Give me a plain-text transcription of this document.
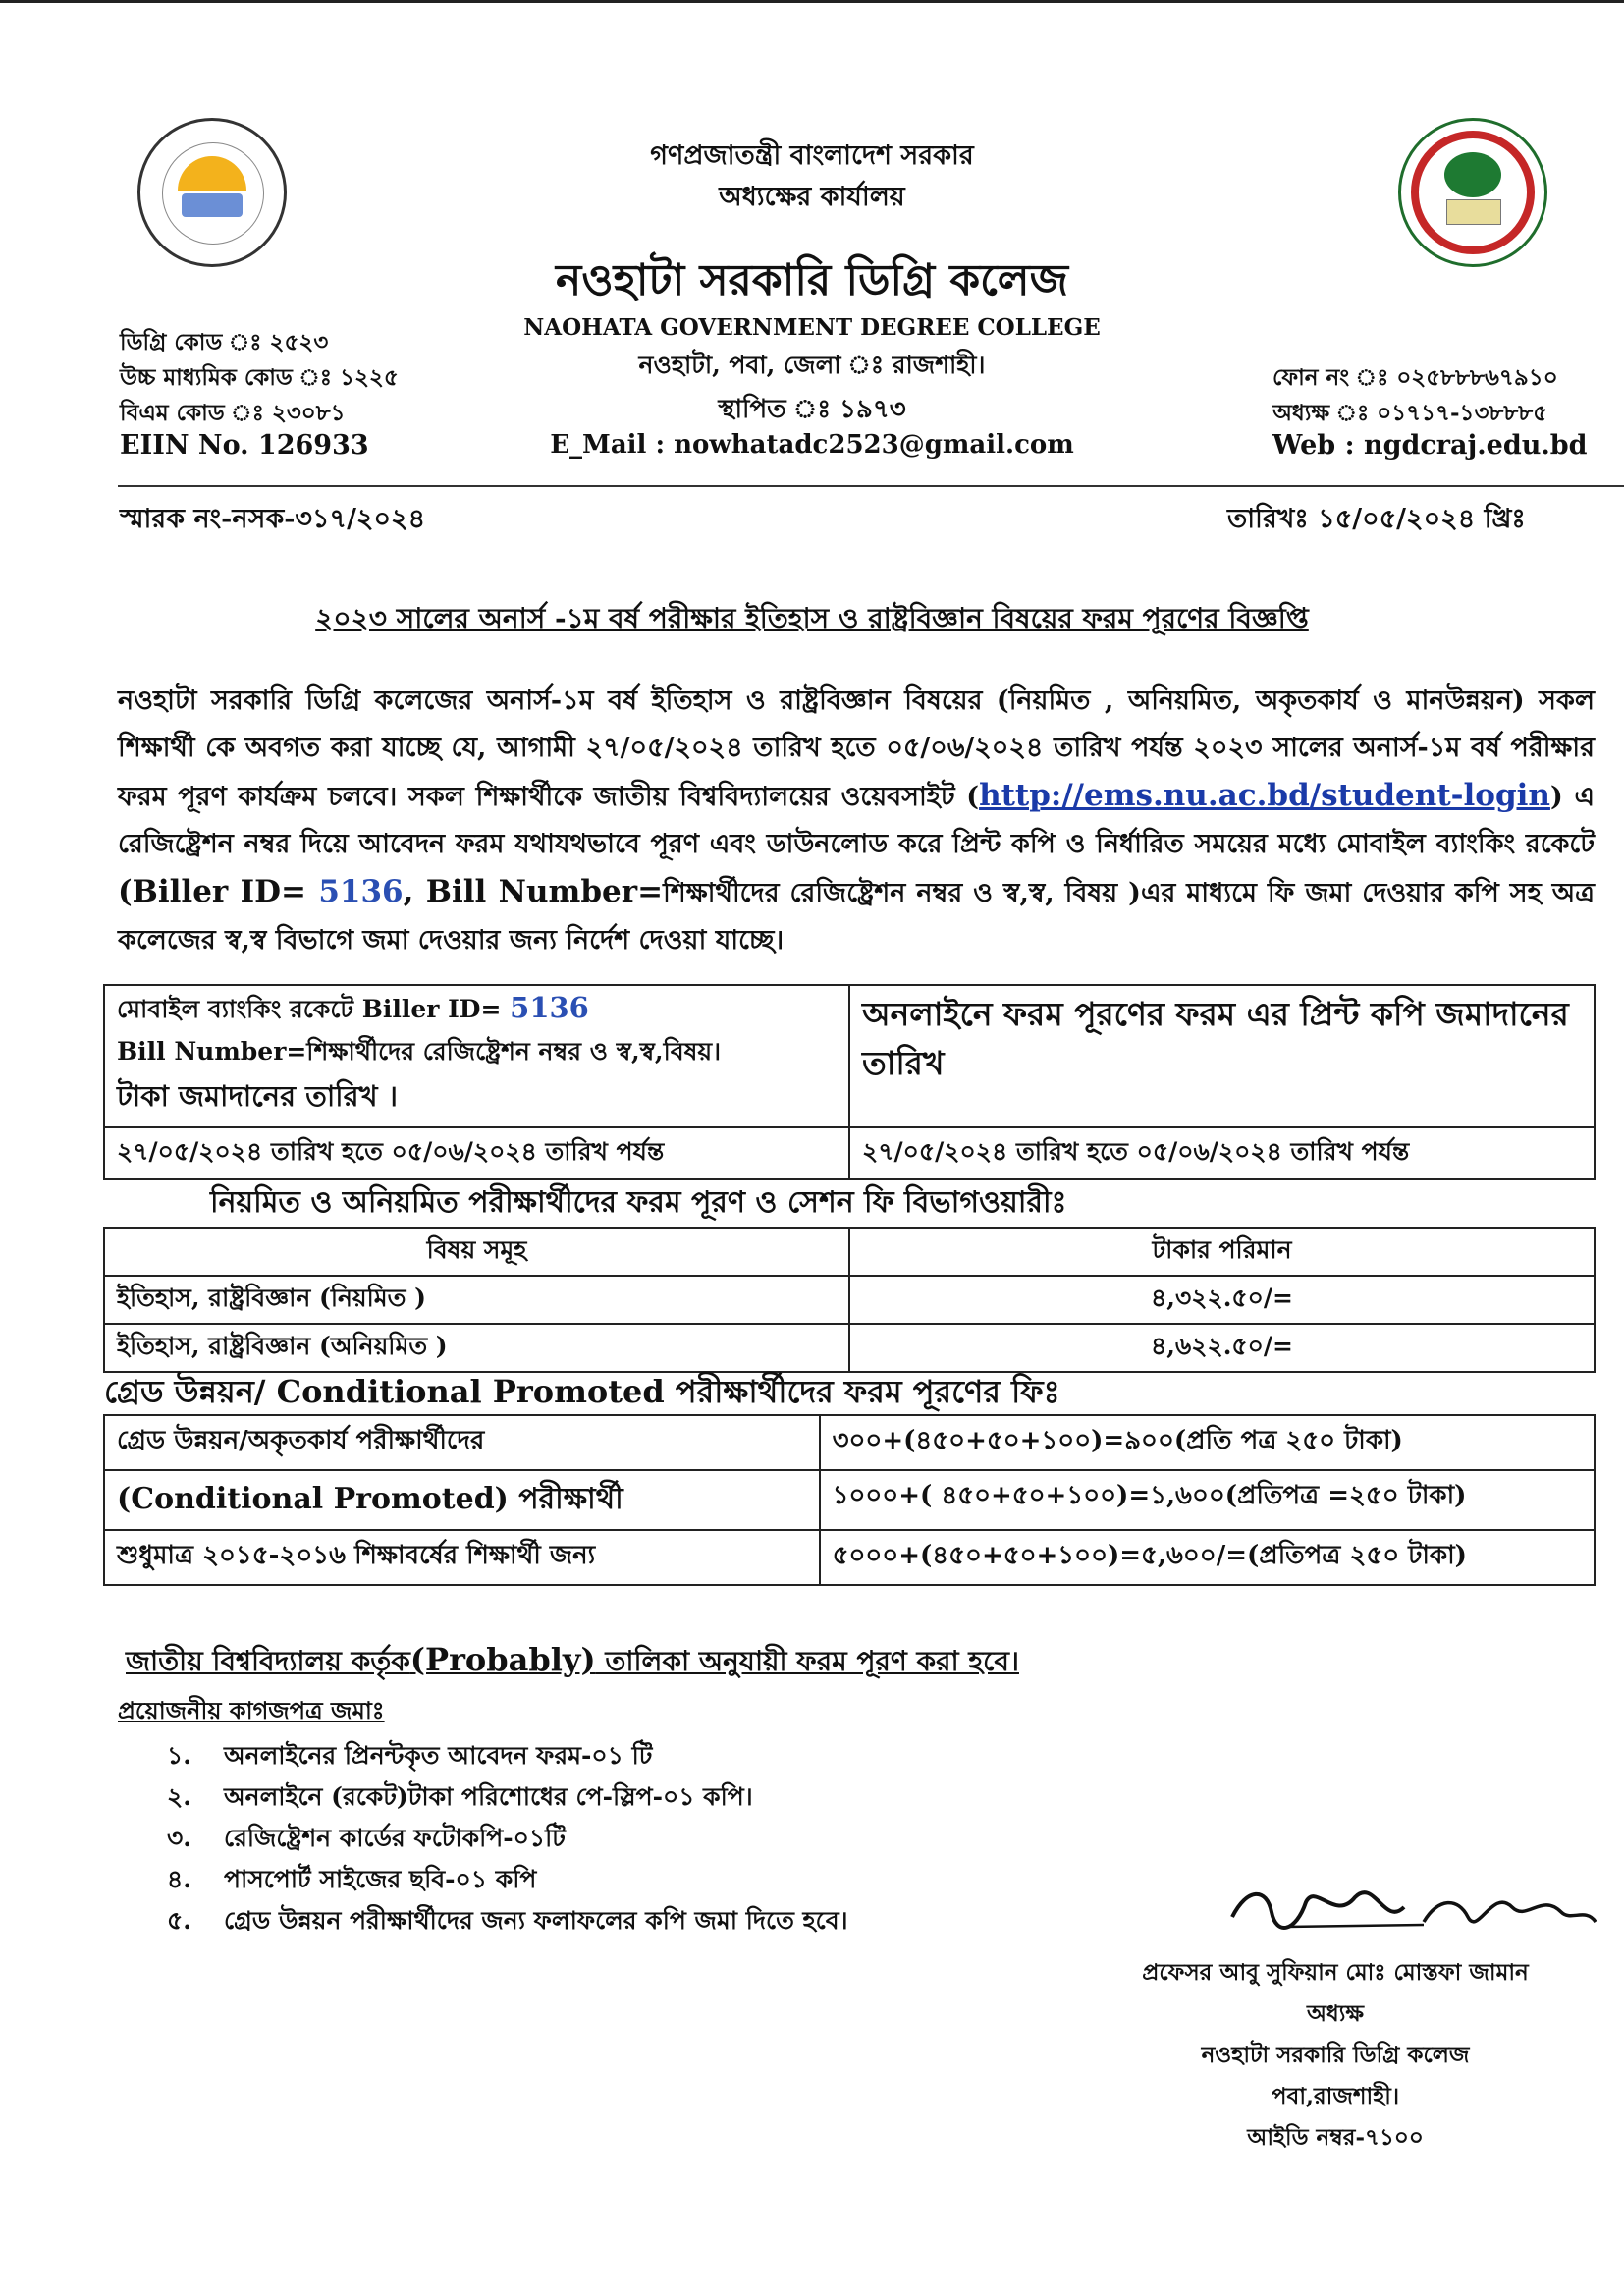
গণপ্রজাতন্ত্রী বাংলাদেশ সরকার
অধ্যক্ষের কার্যালয়
নওহাটা সরকারি ডিগ্রি কলেজ
NAOHATA GOVERNMENT DEGREE COLLEGE
নওহাটা, পবা, জেলা ঃ রাজশাহী।
স্থাপিত ঃ ১৯৭৩
E_Mail : nowhatadc2523@gmail.com
ডিগ্রি কোড ঃ ২৫২৩
উচ্চ মাধ্যমিক কোড ঃ ১২২৫
বিএম কোড ঃ ২৩০৮১
EIIN No. 126933
ফোন নং ঃ ০২৫৮৮৮৬৭৯১০
অধ্যক্ষ ঃ ০১৭১৭-১৩৮৮৮৫
Web : ngdcraj.edu.bd
স্মারক নং-নসক-৩১৭/২০২৪	তারিখঃ ১৫/০৫/২০২৪ খ্রিঃ
২০২৩ সালের অনার্স -১ম বর্ষ পরীক্ষার ইতিহাস ও রাষ্ট্রবিজ্ঞান বিষয়ের ফরম পূরণের বিজ্ঞপ্তি
নওহাটা সরকারি ডিগ্রি কলেজের অনার্স-১ম বর্ষ ইতিহাস ও রাষ্ট্রবিজ্ঞান বিষয়ের (নিয়মিত , অনিয়মিত, অকৃতকার্য ও মানউন্নয়ন) সকল শিক্ষার্থী কে অবগত করা যাচ্ছে যে, আগামী ২৭/০৫/২০২৪ তারিখ হতে ০৫/০৬/২০২৪ তারিখ পর্যন্ত ২০২৩ সালের অনার্স-১ম বর্ষ পরীক্ষার ফরম পূরণ কার্যক্রম চলবে। সকল শিক্ষার্থীকে জাতীয় বিশ্ববিদ্যালয়ের ওয়েবসাইট (http://ems.nu.ac.bd/student-login) এ রেজিষ্ট্রেশন নম্বর দিয়ে আবেদন ফরম যথাযথভাবে পূরণ এবং ডাউনলোড করে প্রিন্ট কপি ও নির্ধারিত সময়ের মধ্যে মোবাইল ব্যাংকিং রকেটে (Biller ID= 5136, Bill Number=শিক্ষার্থীদের রেজিষ্ট্রেশন নম্বর ও স্ব,স্ব, বিষয় )এর মাধ্যমে ফি জমা দেওয়ার কপি সহ অত্র কলেজের স্ব,স্ব বিভাগে জমা দেওয়ার জন্য নির্দেশ দেওয়া যাচ্ছে।
মোবাইল ব্যাংকিং রকেটে Biller ID= 5136
Bill Number=শিক্ষার্থীদের রেজিষ্ট্রেশন নম্বর ও স্ব,স্ব,বিষয়।
টাকা জমাদানের তারিখ ।	অনলাইনে ফরম পূরণের ফরম এর প্রিন্ট কপি জমাদানের তারিখ
২৭/০৫/২০২৪ তারিখ হতে ০৫/০৬/২০২৪ তারিখ পর্যন্ত	২৭/০৫/২০২৪ তারিখ হতে ০৫/০৬/২০২৪ তারিখ পর্যন্ত
নিয়মিত ও অনিয়মিত পরীক্ষার্থীদের ফরম পূরণ ও সেশন ফি বিভাগওয়ারীঃ
বিষয় সমূহ	টাকার পরিমান
ইতিহাস, রাষ্ট্রবিজ্ঞান (নিয়মিত )	৪,৩২২.৫০/=
ইতিহাস, রাষ্ট্রবিজ্ঞান (অনিয়মিত )	৪,৬২২.৫০/=
গ্রেড উন্নয়ন/ Conditional Promoted পরীক্ষার্থীদের ফরম পূরণের ফিঃ
গ্রেড উন্নয়ন/অকৃতকার্য পরীক্ষার্থীদের	৩০০+(৪৫০+৫০+১০০)=৯০০(প্রতি পত্র ২৫০ টাকা)
(Conditional Promoted) পরীক্ষার্থী	১০০০+( ৪৫০+৫০+১০০)=১,৬০০(প্রতিপত্র =২৫০ টাকা)
শুধুমাত্র ২০১৫-২০১৬ শিক্ষাবর্ষের শিক্ষার্থী জন্য	৫০০০+(৪৫০+৫০+১০০)=৫,৬০০/=(প্রতিপত্র ২৫০ টাকা)
জাতীয় বিশ্ববিদ্যালয় কর্তৃক(Probably) তালিকা অনুযায়ী ফরম পূরণ করা হবে।
প্রয়োজনীয় কাগজপত্র জমাঃ
১. অনলাইনের প্রিনন্টকৃত আবেদন ফরম-০১ টি
২. অনলাইনে (রকেট)টাকা পরিশোধের পে-স্লিপ-০১ কপি।
৩. রেজিষ্ট্রেশন কার্ডের ফটোকপি-০১টি
৪. পাসপোর্ট সাইজের ছবি-০১ কপি
৫. গ্রেড উন্নয়ন পরীক্ষার্থীদের জন্য ফলাফলের কপি জমা দিতে হবে।
প্রফেসর আবু সুফিয়ান মোঃ মোস্তফা জামান
অধ্যক্ষ
নওহাটা সরকারি ডিগ্রি কলেজ
পবা,রাজশাহী।
আইডি নম্বর-৭১০০
